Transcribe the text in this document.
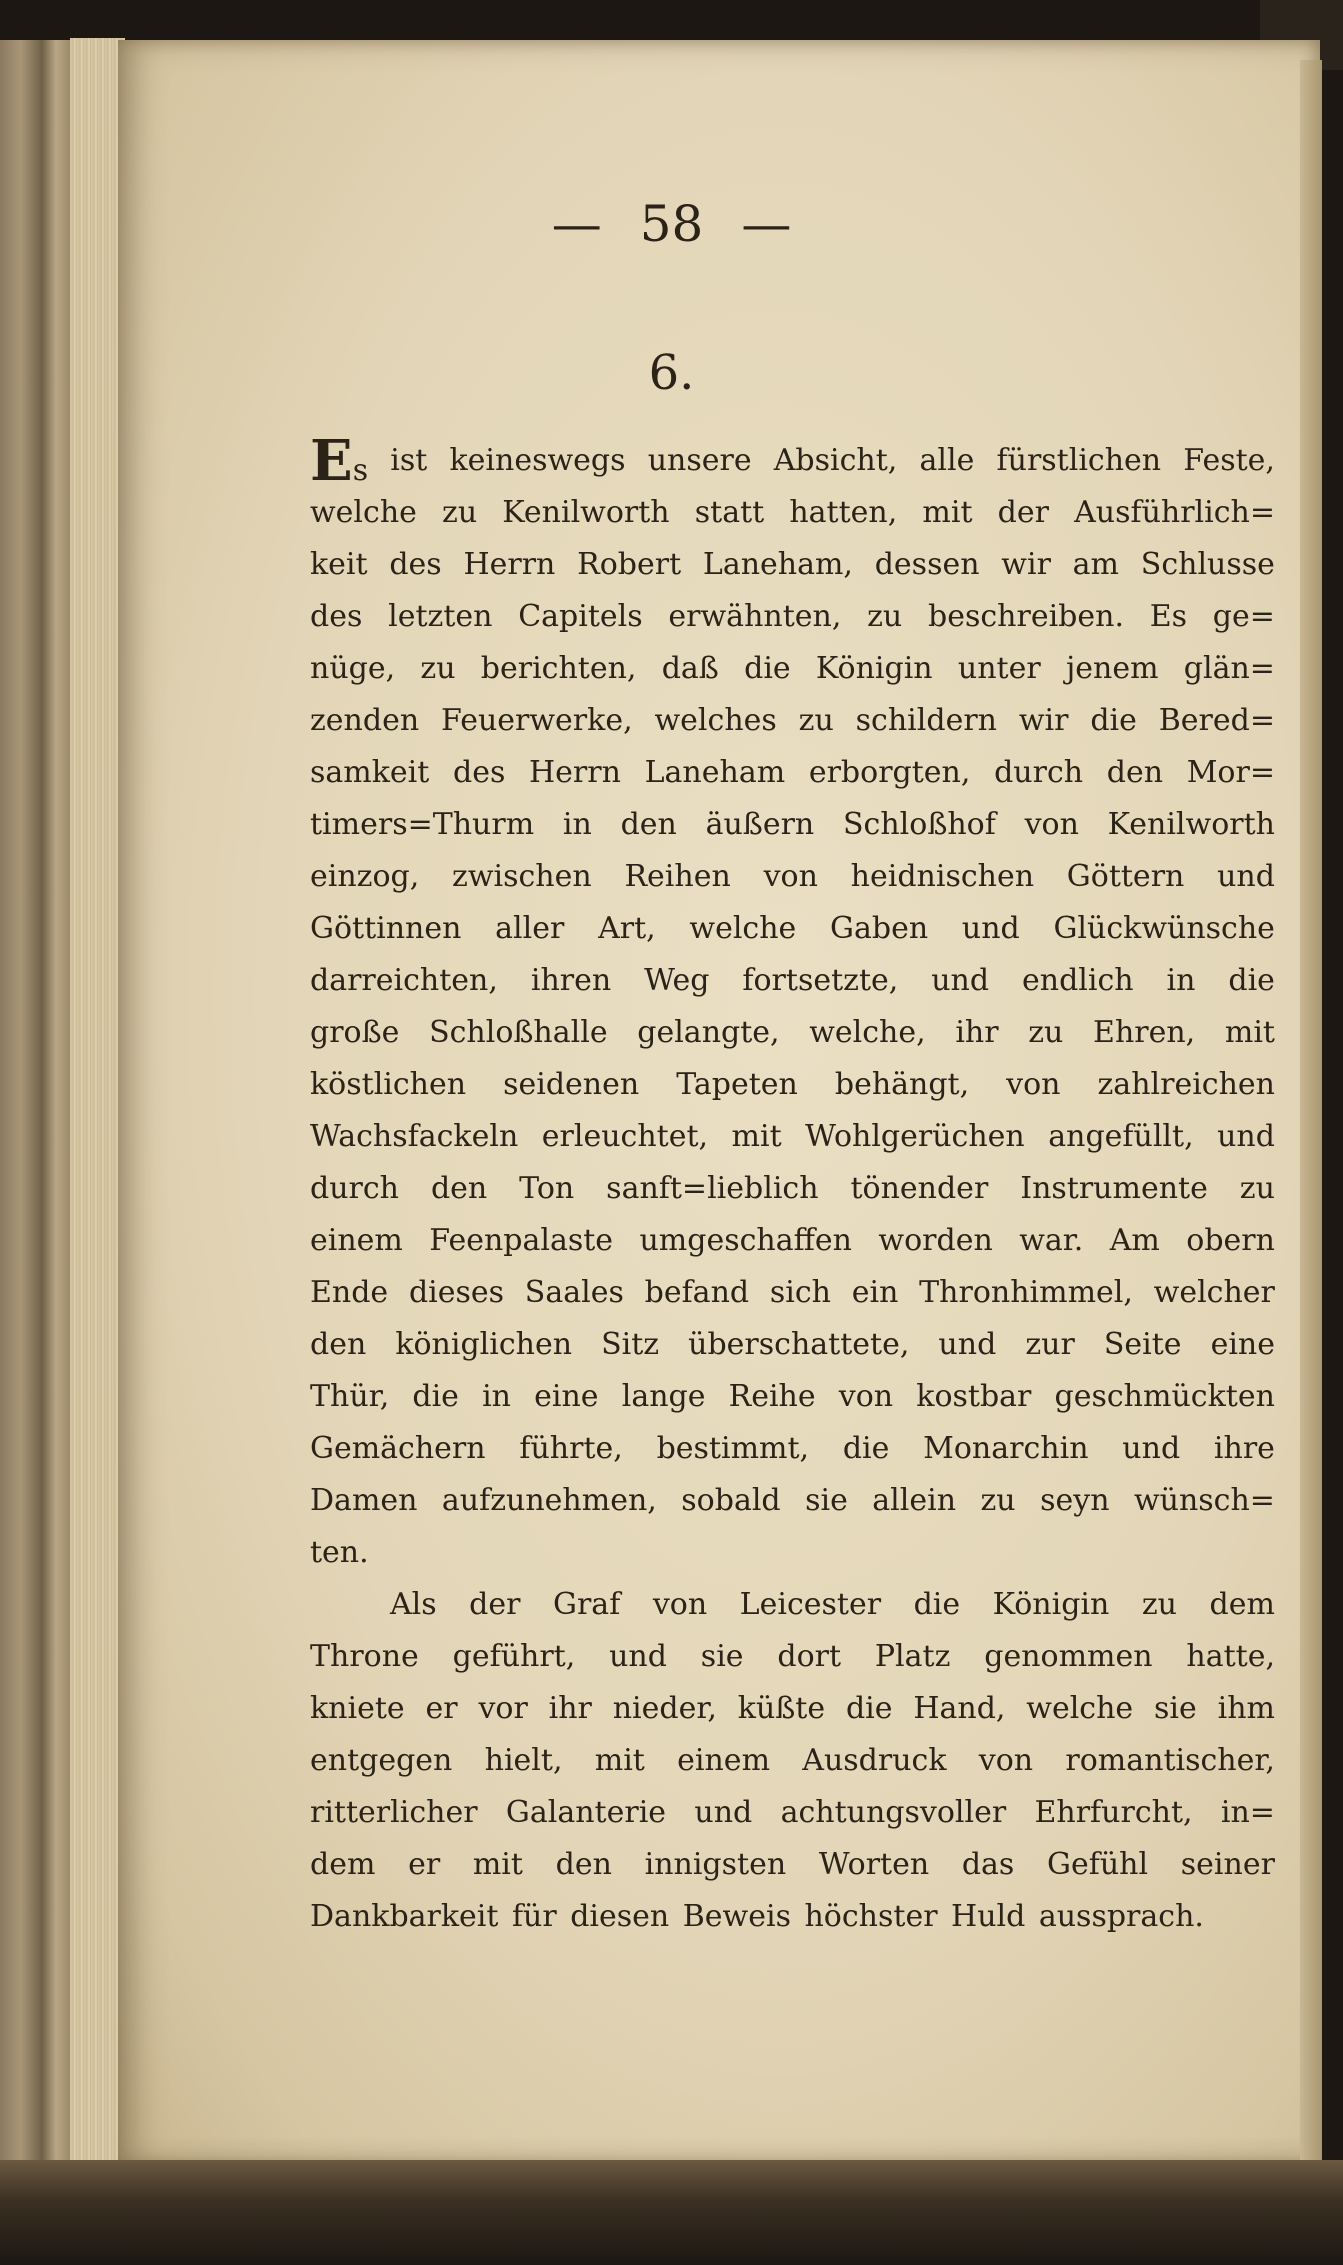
— 58 —
6.
Es ist keineswegs unsere Absicht, alle fürstlichen Feste,
welche zu Kenilworth statt hatten, mit der Ausführlich=
keit des Herrn Robert Laneham, dessen wir am Schlusse
des letzten Capitels erwähnten, zu beschreiben. Es ge=
nüge, zu berichten, daß die Königin unter jenem glän=
zenden Feuerwerke, welches zu schildern wir die Bered=
samkeit des Herrn Laneham erborgten, durch den Mor=
timers=Thurm in den äußern Schloßhof von Kenilworth
einzog, zwischen Reihen von heidnischen Göttern und
Göttinnen aller Art, welche Gaben und Glückwünsche
darreichten, ihren Weg fortsetzte, und endlich in die
große Schloßhalle gelangte, welche, ihr zu Ehren, mit
köstlichen seidenen Tapeten behängt, von zahlreichen
Wachsfackeln erleuchtet, mit Wohlgerüchen angefüllt, und
durch den Ton sanft=lieblich tönender Instrumente zu
einem Feenpalaste umgeschaffen worden war. Am obern
Ende dieses Saales befand sich ein Thronhimmel, welcher
den königlichen Sitz überschattete, und zur Seite eine
Thür, die in eine lange Reihe von kostbar geschmückten
Gemächern führte, bestimmt, die Monarchin und ihre
Damen aufzunehmen, sobald sie allein zu seyn wünsch=
ten.
Als der Graf von Leicester die Königin zu dem
Throne geführt, und sie dort Platz genommen hatte,
kniete er vor ihr nieder, küßte die Hand, welche sie ihm
entgegen hielt, mit einem Ausdruck von romantischer,
ritterlicher Galanterie und achtungsvoller Ehrfurcht, in=
dem er mit den innigsten Worten das Gefühl seiner
Dankbarkeit für diesen Beweis höchster Huld aussprach.
